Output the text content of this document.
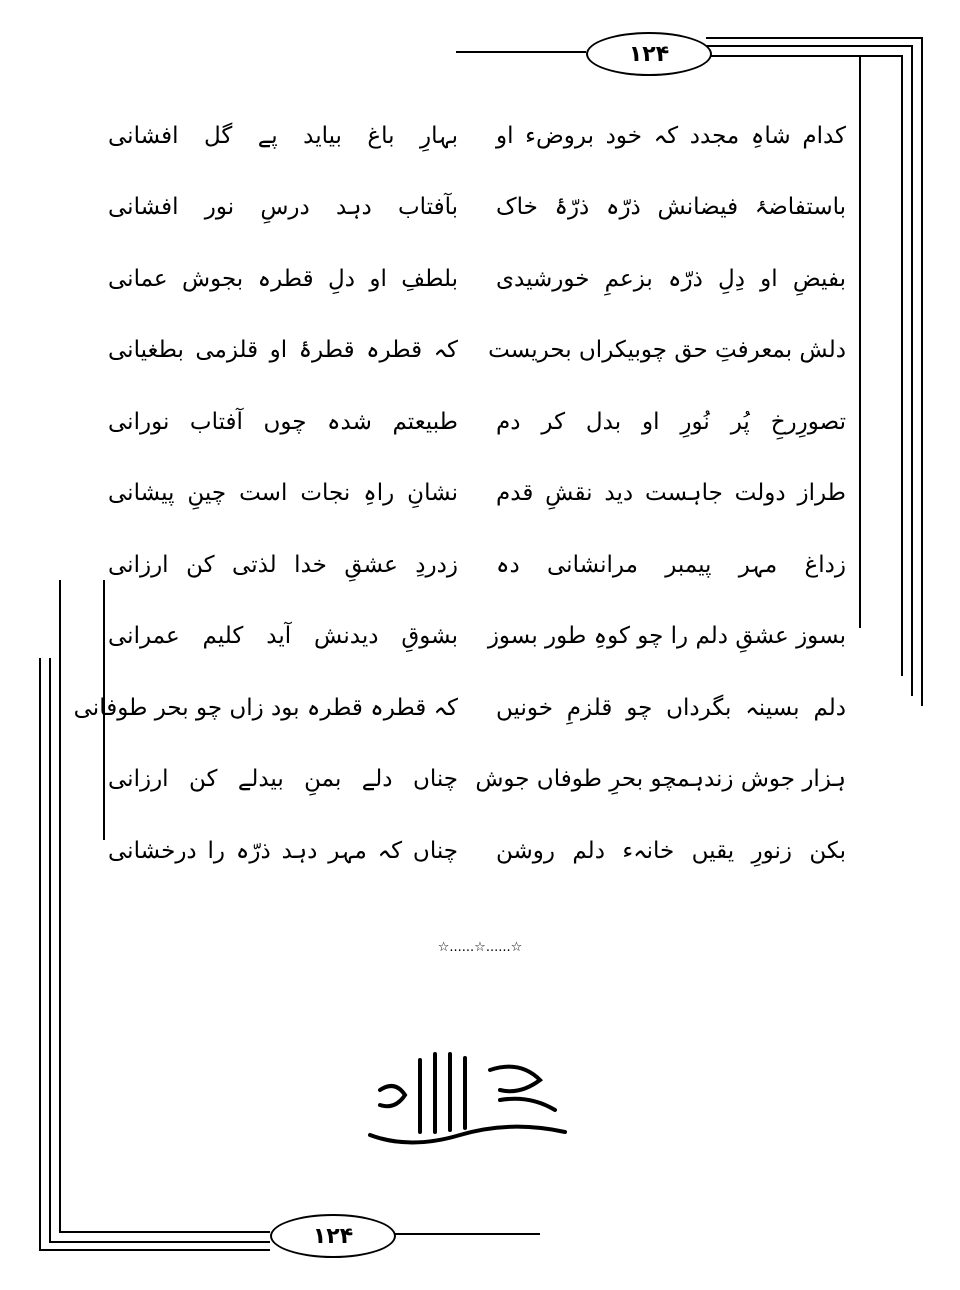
۱۲۴
۱۲۴
کدام شاہِ مجدد کہ خود بروضء او
بہارِ باغ بیاید پے گل افشانی
باستفاضۂ فیضانش ذرّہ ذرّۂ خاک
بآفتاب دہد درسِ نور افشانی
بفیضِ او دِلِ ذرّہ بزعمِ خورشیدی
بلطفِ او دلِ قطرہ بجوش عمانی
دلش بمعرفتِ حق چوبیکراں بحریست
کہ قطرہ قطرۂ او قلزمی بطغیانی
تصورِرخِ پُر نُورِ او بدل کر دم
طبیعتم شدہ چوں آفتاب نورانی
طراز دولت جاہست دید نقشِ قدم
نشانِ راہِ نجات است چینِ پیشانی
زداغ مہر پیمبر مرانشانی دہ
زدردِ عشقِ خدا لذتی کن ارزانی
بسوز عشقِ دلم را چو کوہِ طور بسوز
بشوقِ دیدنش آید کلیم عمرانی
دلم بسینہ بگرداں چو قلزمِ خونیں
کہ قطرہ قطرہ بود زاں چو بحر طوفانی
ہزار جوش زندہمچو بحرِ طوفاں جوش
چناں دلے بمنِ بیدلے کن ارزانی
بکن زنورِ یقیں خانہء دلم روشن
چناں کہ مہر دہد ذرّہ را درخشانی
☆......☆......☆
سبحان اللہ وبحمدہ
